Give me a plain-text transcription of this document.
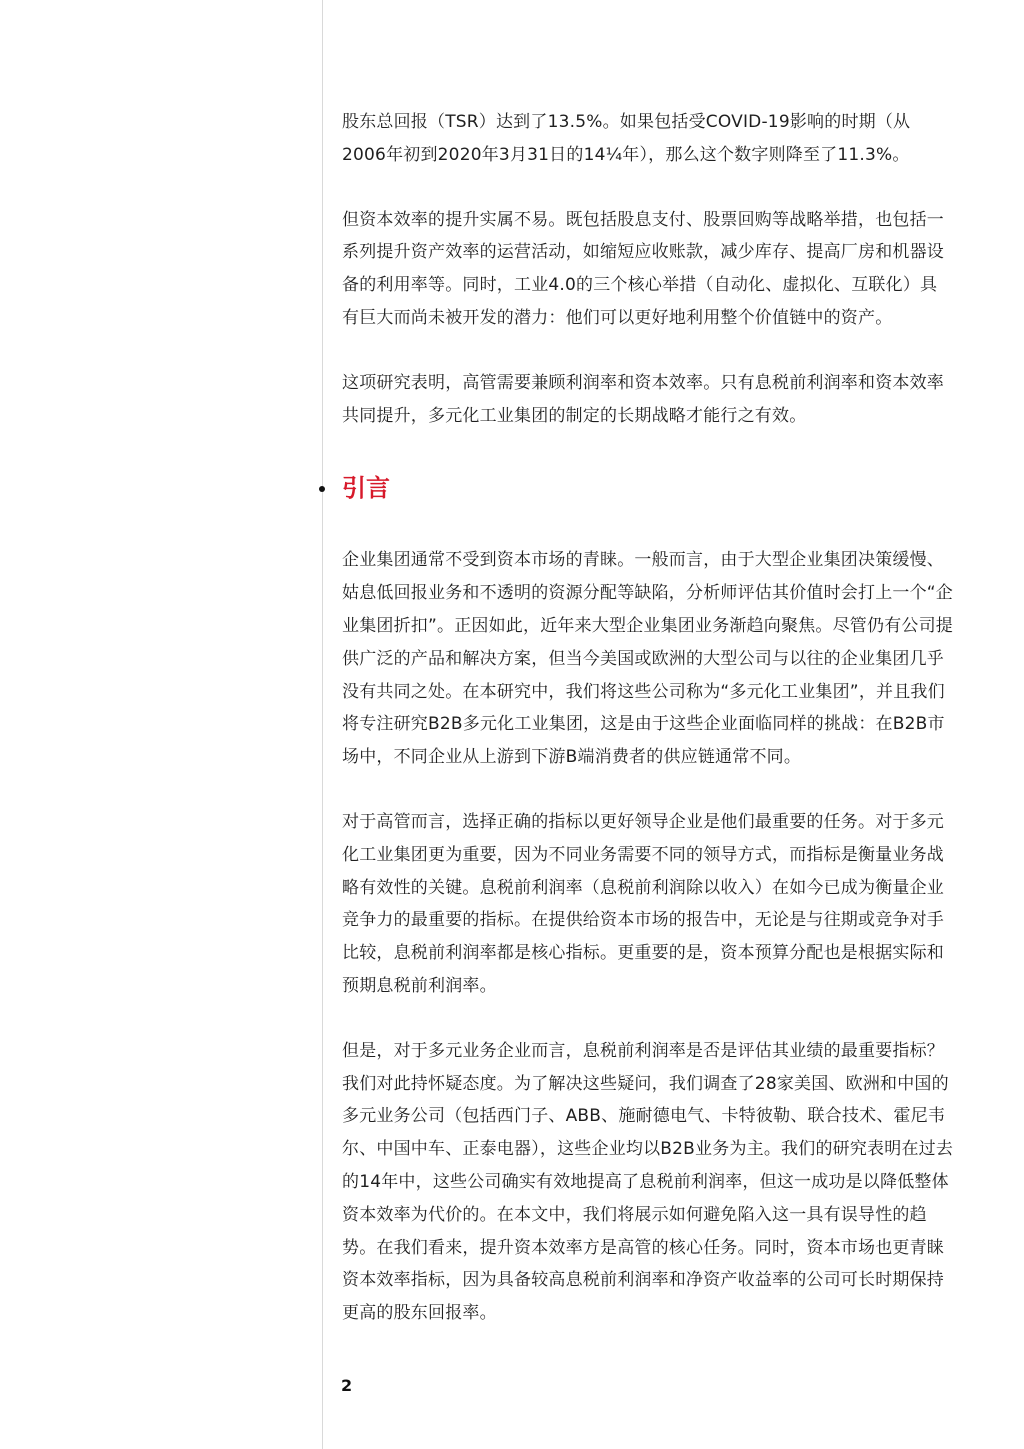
股东总回报（TSR）达到了13.5%。如果包括受COVID-19影响的时期（从2006年初到2020年3月31日的14¼年），那么这个数字则降至了11.3%。

但资本效率的提升实属不易。既包括股息支付、股票回购等战略举措，也包括一系列提升资产效率的运营活动，如缩短应收账款，减少库存、提高厂房和机器设备的利用率等。同时，工业4.0的三个核心举措（自动化、虚拟化、互联化）具有巨大而尚未被开发的潜力：他们可以更好地利用整个价值链中的资产。

这项研究表明，高管需要兼顾利润率和资本效率。只有息税前利润率和资本效率共同提升，多元化工业集团的制定的长期战略才能行之有效。

引言

企业集团通常不受到资本市场的青睐。一般而言，由于大型企业集团决策缓慢、姑息低回报业务和不透明的资源分配等缺陷，分析师评估其价值时会打上一个“企业集团折扣”。正因如此，近年来大型企业集团业务渐趋向聚焦。尽管仍有公司提供广泛的产品和解决方案，但当今美国或欧洲的大型公司与以往的企业集团几乎没有共同之处。在本研究中，我们将这些公司称为“多元化工业集团”，并且我们将专注研究B2B多元化工业集团，这是由于这些企业面临同样的挑战：在B2B市场中，不同企业从上游到下游B端消费者的供应链通常不同。

对于高管而言，选择正确的指标以更好领导企业是他们最重要的任务。对于多元化工业集团更为重要，因为不同业务需要不同的领导方式，而指标是衡量业务战略有效性的关键。息税前利润率（息税前利润除以收入）在如今已成为衡量企业竞争力的最重要的指标。在提供给资本市场的报告中，无论是与往期或竞争对手比较，息税前利润率都是核心指标。更重要的是，资本预算分配也是根据实际和预期息税前利润率。

但是，对于多元业务企业而言，息税前利润率是否是评估其业绩的最重要指标？我们对此持怀疑态度。为了解决这些疑问，我们调查了28家美国、欧洲和中国的多元业务公司（包括西门子、ABB、施耐德电气、卡特彼勒、联合技术、霍尼韦尔、中国中车、正泰电器），这些企业均以B2B业务为主。我们的研究表明在过去的14年中，这些公司确实有效地提高了息税前利润率，但这一成功是以降低整体资本效率为代价的。在本文中，我们将展示如何避免陷入这一具有误导性的趋势。在我们看来，提升资本效率方是高管的核心任务。同时，资本市场也更青睐资本效率指标，因为具备较高息税前利润率和净资产收益率的公司可长时期保持更高的股东回报率。

2
